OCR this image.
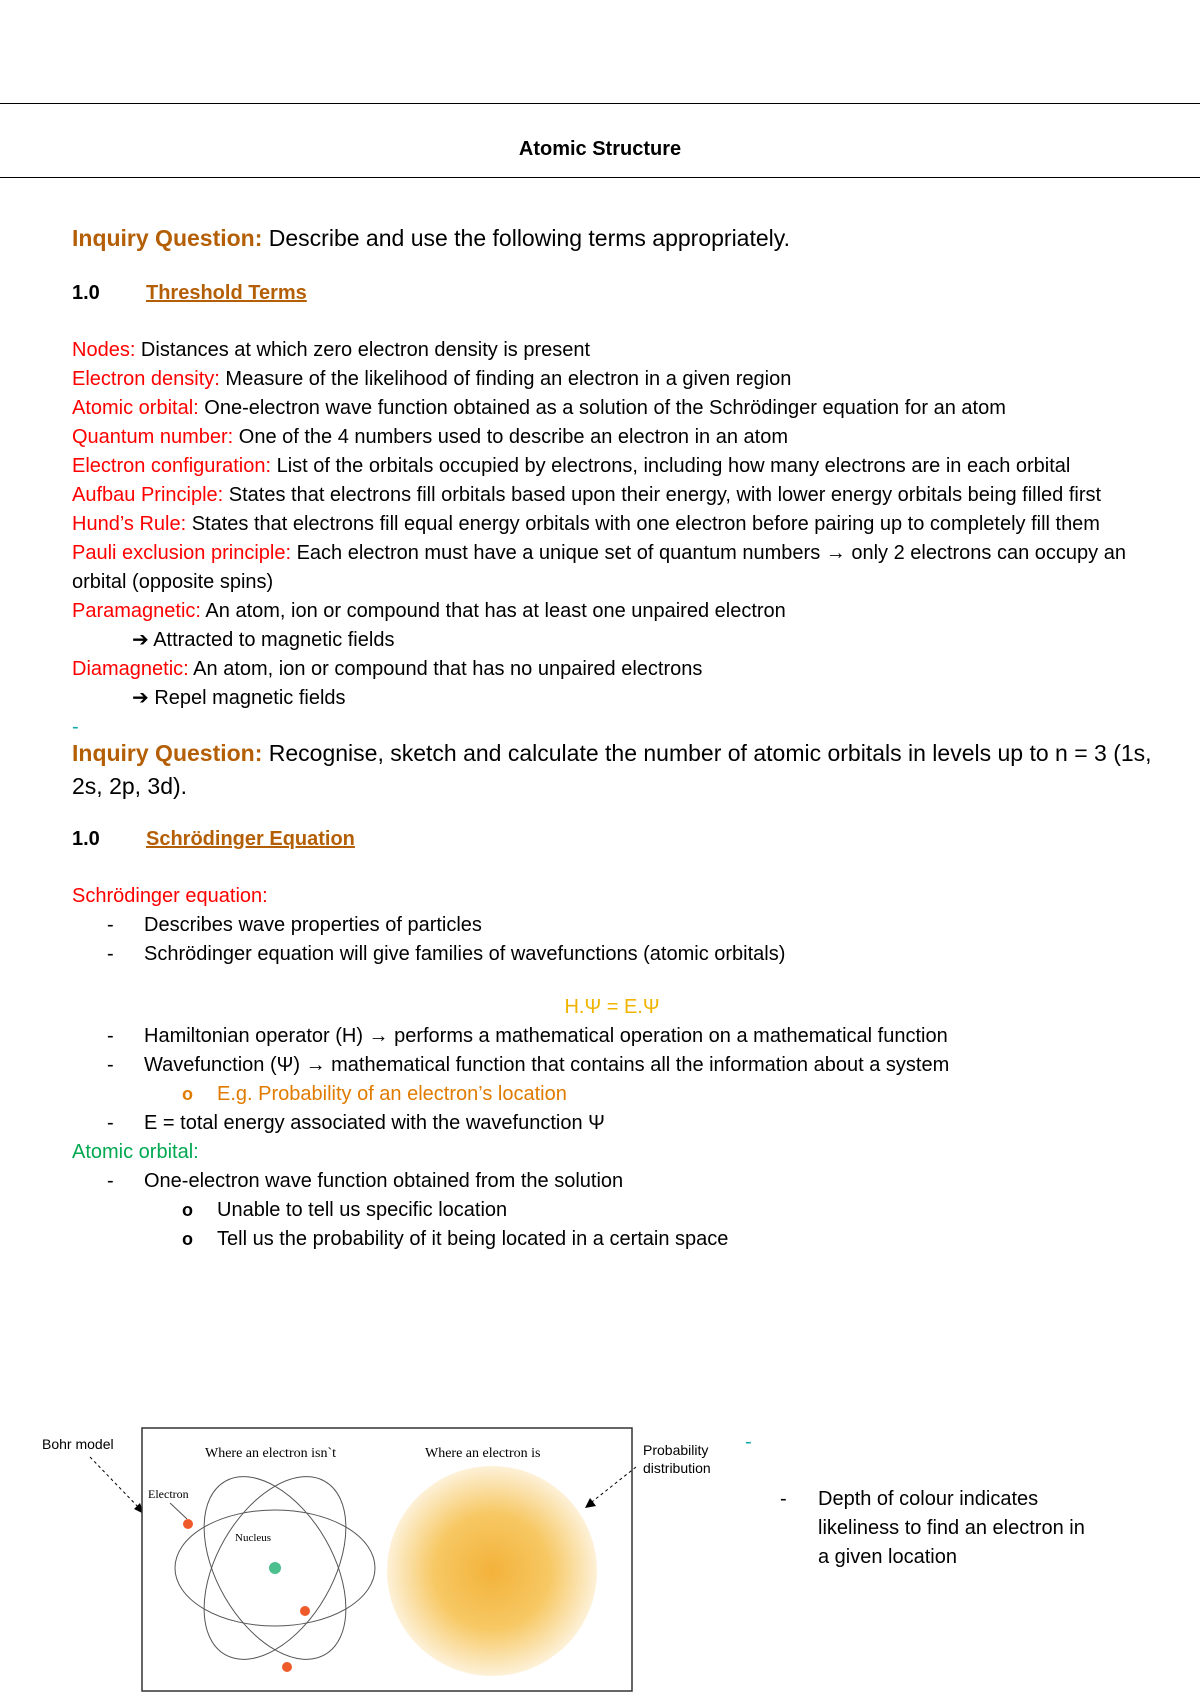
Atomic Structure

Inquiry Question: Describe and use the following terms appropriately.

1.0 Threshold Terms

Nodes: Distances at which zero electron density is present

Electron density: Measure of the likelihood of finding an electron in a given region

Atomic orbital: One-electron wave function obtained as a solution of the Schrödinger equation for an atom

Quantum number: One of the 4 numbers used to describe an electron in an atom

Electron configuration: List of the orbitals occupied by electrons, including how many electrons are in each orbital

Aufbau Principle: States that electrons fill orbitals based upon their energy, with lower energy orbitals being filled first

Hund’s Rule: States that electrons fill equal energy orbitals with one electron before pairing up to completely fill them

Pauli exclusion principle: Each electron must have a unique set of quantum numbers → only 2 electrons can occupy an orbital (opposite spins)

Paramagnetic: An atom, ion or compound that has at least one unpaired electron

➔ Attracted to magnetic fields

Diamagnetic: An atom, ion or compound that has no unpaired electrons

➔ Repel magnetic fields

-

Inquiry Question: Recognise, sketch and calculate the number of atomic orbitals in levels up to n = 3 (1s, 2s, 2p, 3d).

1.0 Schrödinger Equation

Schrödinger equation:

- Describes wave properties of particles
- Schrödinger equation will give families of wavefunctions (atomic orbitals)

H.Ψ = E.Ψ

- Hamiltonian operator (H) → performs a mathematical operation on a mathematical function
- Wavefunction (Ψ) → mathematical function that contains all the information about a system
o E.g. Probability of an electron’s location
- E = total energy associated with the wavefunction Ψ

Atomic orbital:

- One-electron wave function obtained from the solution
o Unable to tell us specific location
o Tell us the probability of it being located in a certain space
Bohr model
Where an electron isn`t	Where an electron is
Electron
Nucleus
Probability
distribution
-
- Depth of colour indicates
likeliness to find an electron in
a given location
